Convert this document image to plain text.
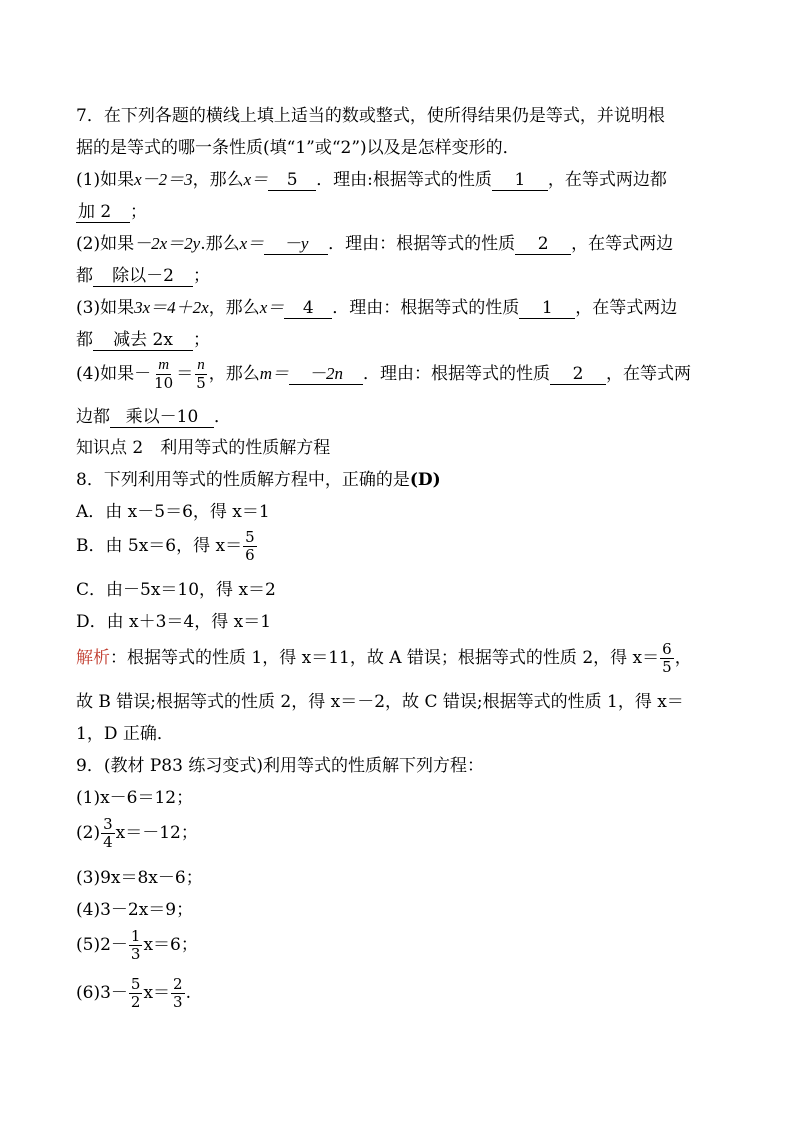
7．在下列各题的横线上填上适当的数或整式，使所得结果仍是等式，并说明根
据的是等式的哪一条性质(填“1”或“2”)以及是怎样变形的．
(1)如果x－2＝3，那么x＝ 5 ．理由:根据等式的性质 1 ，在等式两边都
加 2 ；
(2)如果－2x＝2y.那么x＝ －y ．理由：根据等式的性质 2 ，在等式两边
都 除以－2 ；
(3)如果3x＝4＋2x，那么x＝ 4 ．理由：根据等式的性质 1 ，在等式两边
都 减去 2x ；
(4)如果－ $\frac{m}{10} = \frac{n}{5}$ ，那么m＝ －2n ．理由：根据等式的性质 2 ，在等式两
边都 乘以－10 ．
知识点 2　利用等式的性质解方程
8．下列利用等式的性质解方程中，正确的是(D)
A．由 x－5＝6，得 x＝1
B．由 5x＝6，得 $x= \frac{5}{6}$
C．由－5x＝10，得 x＝2
D．由 x＋3＝4，得 x＝1
解析：根据等式的性质 1，得 x＝11，故 A 错误；根据等式的性质 2，得 $x= \frac{6}{5}$ ，
故 B 错误;根据等式的性质 2，得 x＝－2，故 C 错误;根据等式的性质 1，得 x＝
1，D 正确．
9．(教材 P83 练习变式)利用等式的性质解下列方程：
(1)x－6＝12；
$(2) \frac{3}{4} x=-12$；
(3)9x＝8x－6；
(4)3－2x＝9；
$(5)2- \frac{1}{3} x=6$；
$(6)3- \frac{5}{2} x= \frac{2}{3}$ .
